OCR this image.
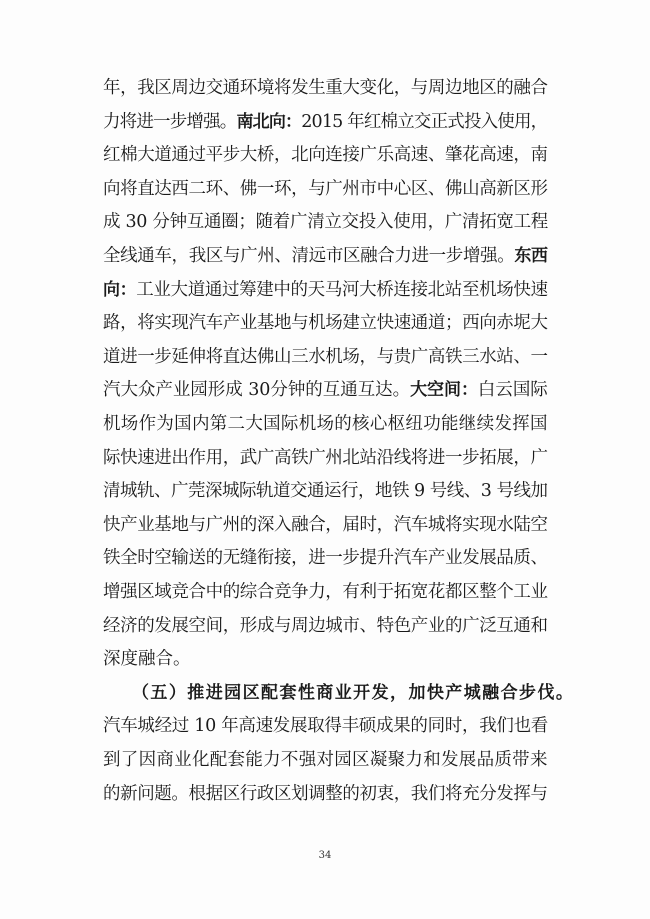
年，我区周边交通环境将发生重大变化，与周边地区的融合
力将进一步增强。南北向：2015 年红棉立交正式投入使用，
红棉大道通过平步大桥，北向连接广乐高速、肇花高速，南
向将直达西二环、佛一环，与广州市中心区、佛山高新区形
成 30 分钟互通圈；随着广清立交投入使用，广清拓宽工程
全线通车，我区与广州、清远市区融合力进一步增强。东西
向：工业大道通过筹建中的天马河大桥连接北站至机场快速
路，将实现汽车产业基地与机场建立快速通道；西向赤坭大
道进一步延伸将直达佛山三水机场，与贵广高铁三水站、一
汽大众产业园形成 30分钟的互通互达。大空间：白云国际
机场作为国内第二大国际机场的核心枢纽功能继续发挥国
际快速进出作用，武广高铁广州北站沿线将进一步拓展，广
清城轨、广莞深城际轨道交通运行，地铁 9 号线、3 号线加
快产业基地与广州的深入融合，届时，汽车城将实现水陆空
铁全时空输送的无缝衔接，进一步提升汽车产业发展品质、
增强区域竞合中的综合竞争力，有利于拓宽花都区整个工业
经济的发展空间，形成与周边城市、特色产业的广泛互通和
深度融合。
（五）推进园区配套性商业开发，加快产城融合步伐。
汽车城经过 10 年高速发展取得丰硕成果的同时，我们也看
到了因商业化配套能力不强对园区凝聚力和发展品质带来
的新问题。根据区行政区划调整的初衷，我们将充分发挥与
34
